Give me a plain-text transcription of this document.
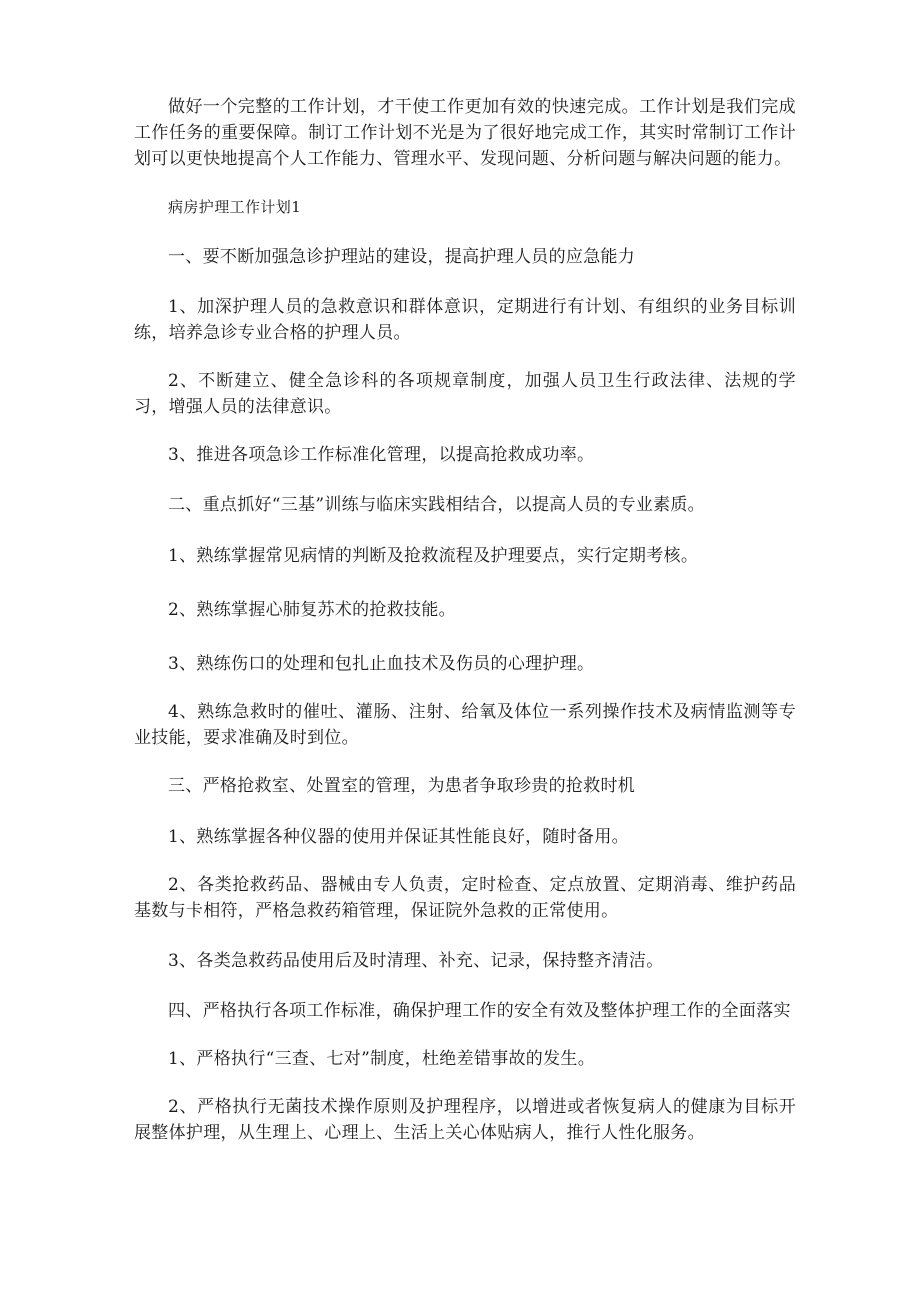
做好一个完整的工作计划，才干使工作更加有效的快速完成。工作计划是我们完成工作任务的重要保障。制订工作计划不光是为了很好地完成工作，其实时常制订工作计划可以更快地提高个人工作能力、管理水平、发现问题、分析问题与解决问题的能力。

病房护理工作计划1

一、要不断加强急诊护理站的建设，提高护理人员的应急能力

1、加深护理人员的急救意识和群体意识，定期进行有计划、有组织的业务目标训练，培养急诊专业合格的护理人员。

2、不断建立、健全急诊科的各项规章制度，加强人员卫生行政法律、法规的学习，增强人员的法律意识。

3、推进各项急诊工作标准化管理，以提高抢救成功率。

二、重点抓好“三基”训练与临床实践相结合，以提高人员的专业素质。

1、熟练掌握常见病情的判断及抢救流程及护理要点，实行定期考核。

2、熟练掌握心肺复苏术的抢救技能。

3、熟练伤口的处理和包扎止血技术及伤员的心理护理。

4、熟练急救时的催吐、灌肠、注射、给氧及体位一系列操作技术及病情监测等专业技能，要求准确及时到位。

三、严格抢救室、处置室的管理，为患者争取珍贵的抢救时机

1、熟练掌握各种仪器的使用并保证其性能良好，随时备用。

2、各类抢救药品、器械由专人负责，定时检查、定点放置、定期消毒、维护药品基数与卡相符，严格急救药箱管理，保证院外急救的正常使用。

3、各类急救药品使用后及时清理、补充、记录，保持整齐清洁。

四、严格执行各项工作标准，确保护理工作的安全有效及整体护理工作的全面落实

1、严格执行“三查、七对”制度，杜绝差错事故的发生。

2、严格执行无菌技术操作原则及护理程序，以增进或者恢复病人的健康为目标开展整体护理，从生理上、心理上、生活上关心体贴病人，推行人性化服务。
